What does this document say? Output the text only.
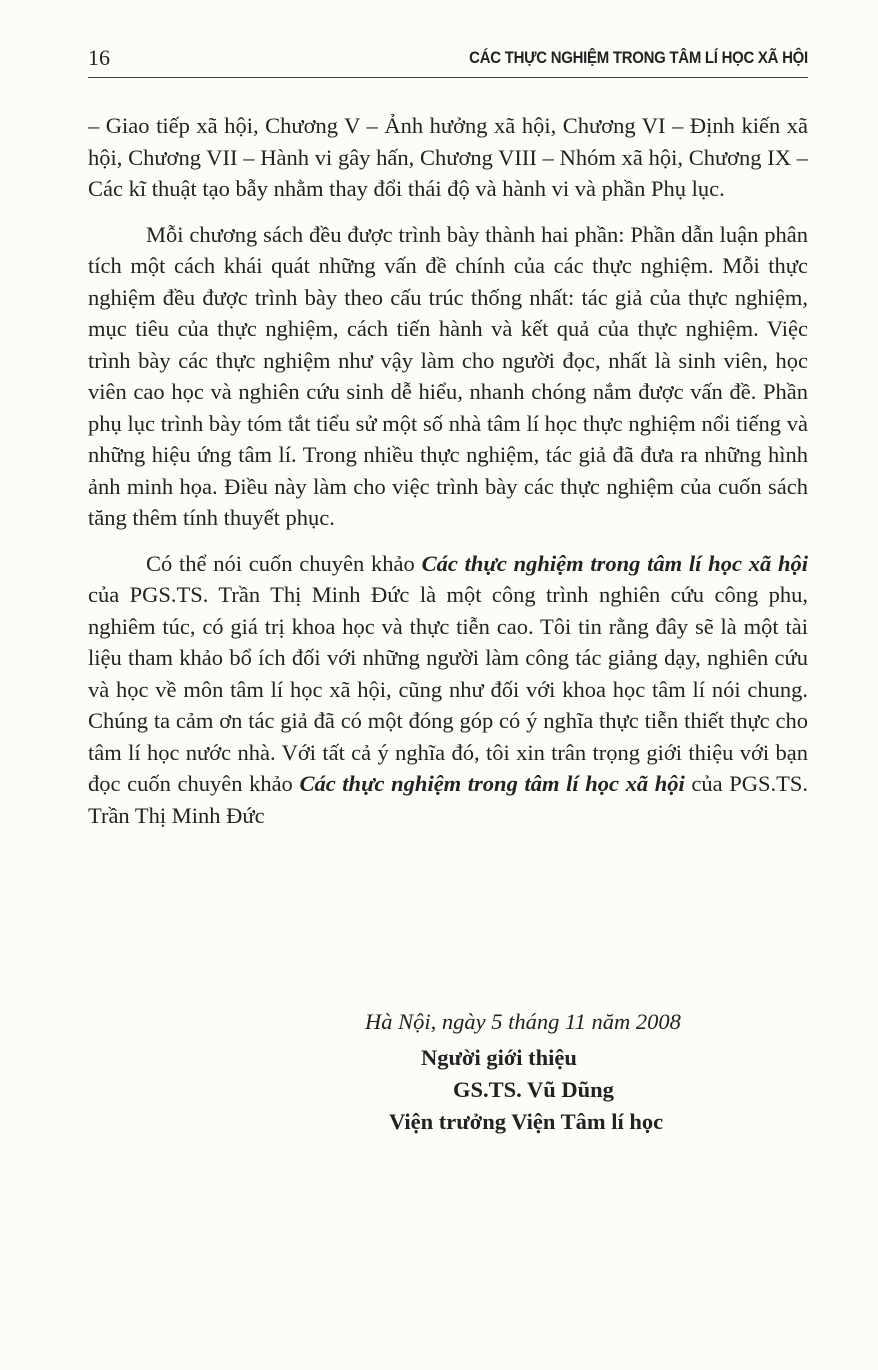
16	CÁC THỰC NGHIỆM TRONG TÂM LÍ HỌC XÃ HỘI

– Giao tiếp xã hội, Chương V – Ảnh hưởng xã hội, Chương VI – Định kiến xã hội, Chương VII – Hành vi gây hấn, Chương VIII – Nhóm xã hội, Chương IX – Các kĩ thuật tạo bẫy nhằm thay đổi thái độ và hành vi và phần Phụ lục.

Mỗi chương sách đều được trình bày thành hai phần: Phần dẫn luận phân tích một cách khái quát những vấn đề chính của các thực nghiệm. Mỗi thực nghiệm đều được trình bày theo cấu trúc thống nhất: tác giả của thực nghiệm, mục tiêu của thực nghiệm, cách tiến hành và kết quả của thực nghiệm. Việc trình bày các thực nghiệm như vậy làm cho người đọc, nhất là sinh viên, học viên cao học và nghiên cứu sinh dễ hiểu, nhanh chóng nắm được vấn đề. Phần phụ lục trình bày tóm tắt tiểu sử một số nhà tâm lí học thực nghiệm nổi tiếng và những hiệu ứng tâm lí. Trong nhiều thực nghiệm, tác giả đã đưa ra những hình ảnh minh họa. Điều này làm cho việc trình bày các thực nghiệm của cuốn sách tăng thêm tính thuyết phục.

Có thể nói cuốn chuyên khảo Các thực nghiệm trong tâm lí học xã hội của PGS.TS. Trần Thị Minh Đức là một công trình nghiên cứu công phu, nghiêm túc, có giá trị khoa học và thực tiễn cao. Tôi tin rằng đây sẽ là một tài liệu tham khảo bổ ích đối với những người làm công tác giảng dạy, nghiên cứu và học về môn tâm lí học xã hội, cũng như đối với khoa học tâm lí nói chung. Chúng ta cảm ơn tác giả đã có một đóng góp có ý nghĩa thực tiễn thiết thực cho tâm lí học nước nhà. Với tất cả ý nghĩa đó, tôi xin trân trọng giới thiệu với bạn đọc cuốn chuyên khảo Các thực nghiệm trong tâm lí học xã hội của PGS.TS. Trần Thị Minh Đức

Hà Nội, ngày 5 tháng 11 năm 2008

Người giới thiệu

GS.TS. Vũ Dũng

Viện trưởng Viện Tâm lí học
